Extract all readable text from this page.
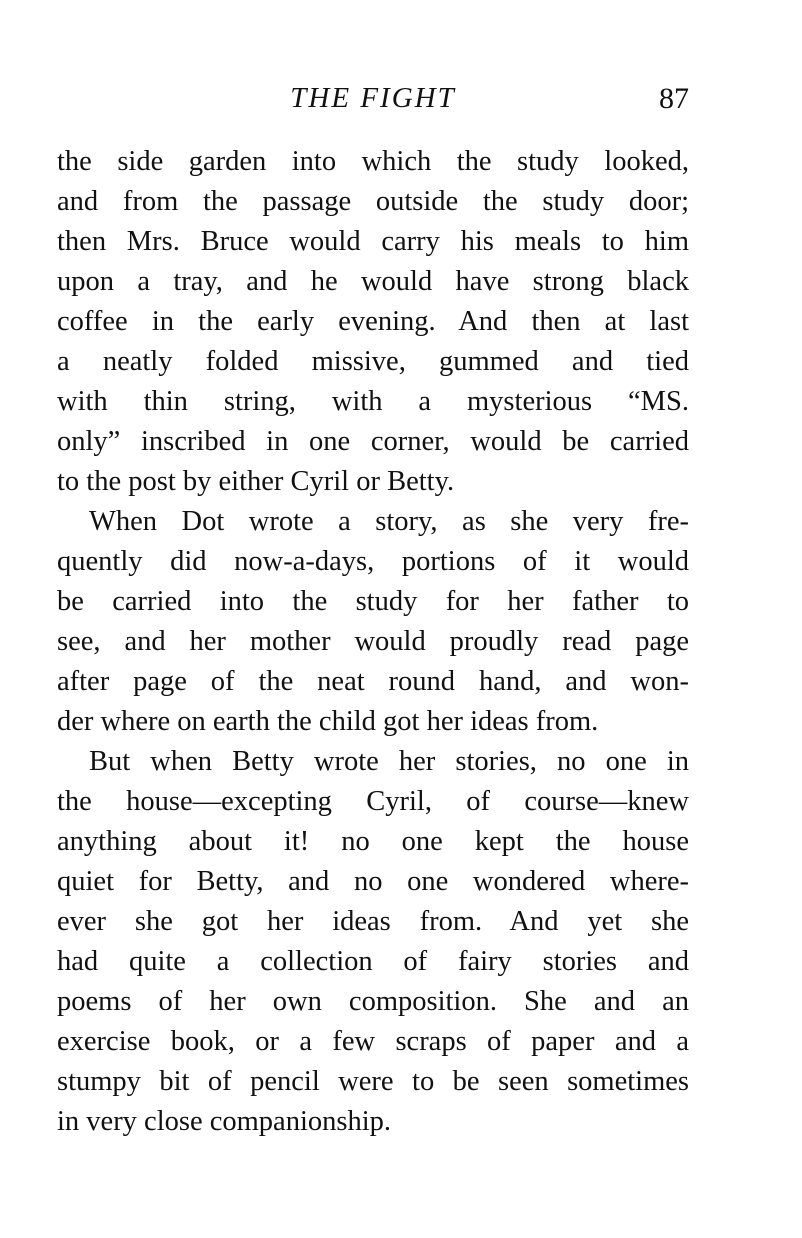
THE FIGHT	87
the side garden into which the study looked,
and from the passage outside the study door;
then Mrs. Bruce would carry his meals to him
upon a tray, and he would have strong black
coffee in the early evening. And then at last
a neatly folded missive, gummed and tied
with thin string, with a mysterious “MS.
only” inscribed in one corner, would be carried
to the post by either Cyril or Betty.
When Dot wrote a story, as she very fre-
quently did now-a-days, portions of it would
be carried into the study for her father to
see, and her mother would proudly read page
after page of the neat round hand, and won-
der where on earth the child got her ideas from.
But when Betty wrote her stories, no one in
the house—excepting Cyril, of course—knew
anything about it! no one kept the house
quiet for Betty, and no one wondered where-
ever she got her ideas from. And yet she
had quite a collection of fairy stories and
poems of her own composition. She and an
exercise book, or a few scraps of paper and a
stumpy bit of pencil were to be seen sometimes
in very close companionship.
